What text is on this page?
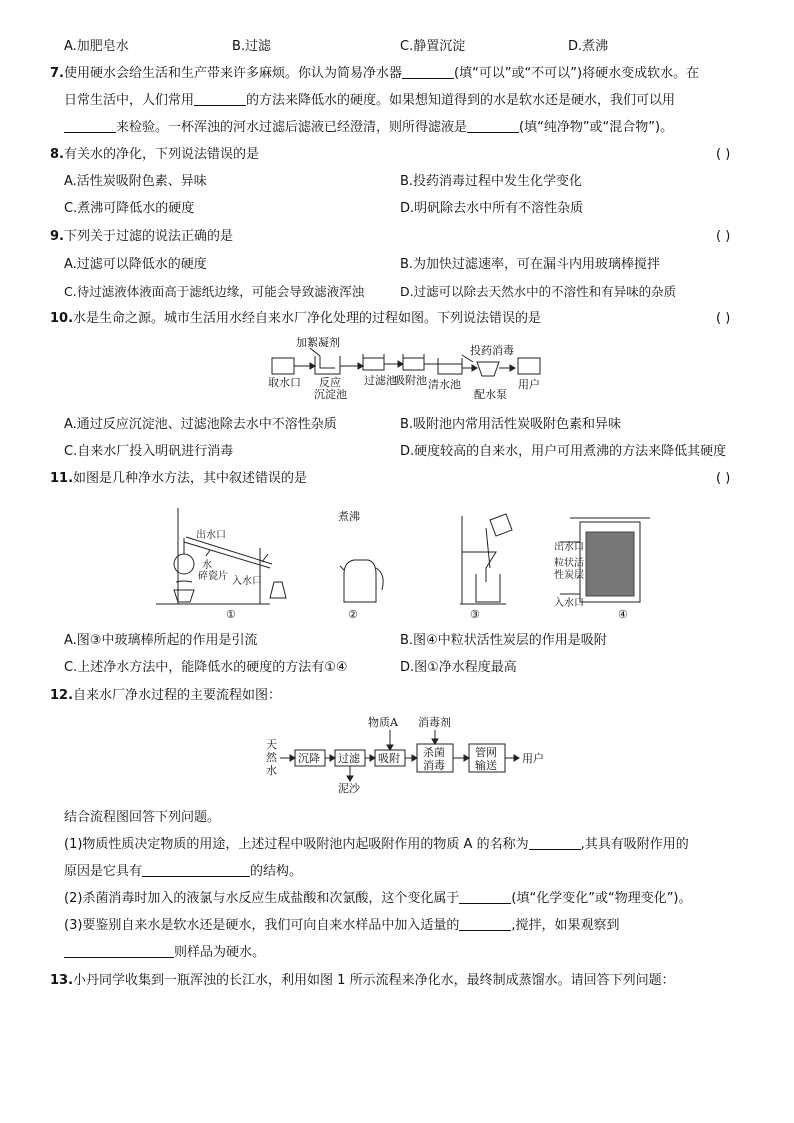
A.加肥皂水	B.过滤	C.静置沉淀	D.煮沸
7.使用硬水会给生活和生产带来许多麻烦。你认为简易净水器	(填“可以”或“不可以”)将硬水变成软水。在
日常生活中，人们常用	的方法来降低水的硬度。如果想知道得到的水是软水还是硬水，我们可以用
来检验。一杯浑浊的河水过滤后滤液已经澄清，则所得滤液是	(填“纯净物”或“混合物”)。
8.有关水的净化，下列说法错误的是	( )
A.活性炭吸附色素、异味	B.投药消毒过程中发生化学变化
C.煮沸可降低水的硬度	D.明矾除去水中所有不溶性杂质
9.下列关于过滤的说法正确的是	( )
A.过滤可以降低水的硬度	B.为加快过滤速率，可在漏斗内用玻璃棒搅拌
C.待过滤液体液面高于滤纸边缘，可能会导致滤液浑浊	D.过滤可以除去天然水中的不溶性和有异味的杂质
10.水是生命之源。城市生活用水经自来水厂净化处理的过程如图。下列说法错误的是	( )
加絮凝剂
取水口 反应
沉淀池
过滤池
吸附池 清水池
投药消毒
配水泵
用户
A.通过反应沉淀池、过滤池除去水中不溶性杂质	B.吸附池内常用活性炭吸附色素和异味
C.自来水厂投入明矾进行消毒	D.硬度较高的自来水，用户可用煮沸的方法来降低其硬度
11.如图是几种净水方法，其中叙述错误的是	( )
出水口
水
碎瓷片 入水口
①
煮沸
②	③
出水口
粒状活
性炭层
入水口
④
A.图③中玻璃棒所起的作用是引流	B.图④中粒状活性炭层的作用是吸附
C.上述净水方法中，能降低水的硬度的方法有①④	D.图①净水程度最高
12.自来水厂净水过程的主要流程如图：
天
然
水
沉降 过滤
泥沙
物质A
吸附
消毒剂
杀菌
消毒
管网
输送
用户
结合流程图回答下列问题。
(1)物质性质决定物质的用途，上述过程中吸附池内起吸附作用的物质 A 的名称为	,其具有吸附作用的
原因是它具有	的结构。
(2)杀菌消毒时加入的液氯与水反应生成盐酸和次氯酸，这个变化属于	(填“化学变化”或“物理变化”)。
(3)要鉴别自来水是软水还是硬水，我们可向自来水样品中加入适量的	,搅拌，如果观察到
则样品为硬水。
13.小丹同学收集到一瓶浑浊的长江水，利用如图 1 所示流程来净化水，最终制成蒸馏水。请回答下列问题：
